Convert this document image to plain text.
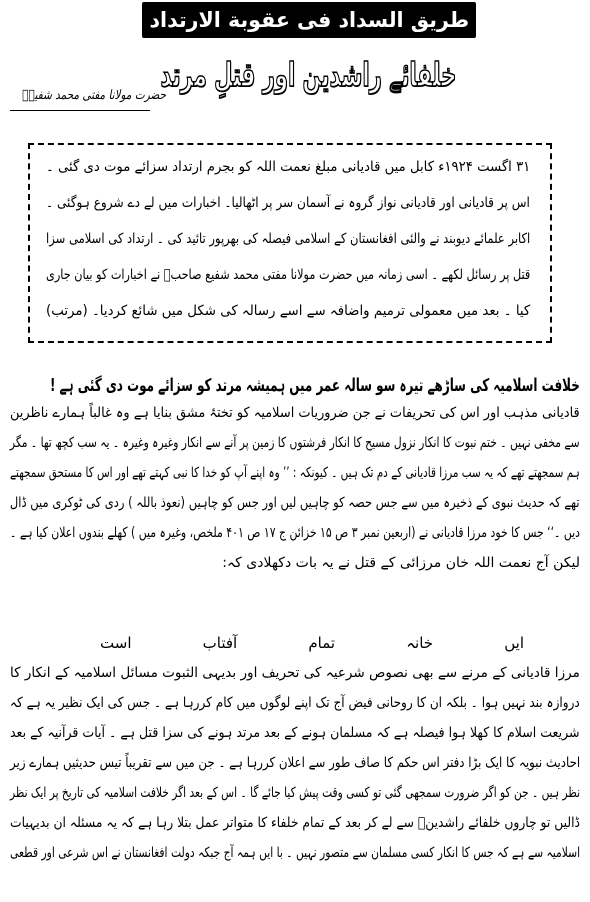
طریق السداد فی عقوبة الارتداد
خلفائے راشدین اور قتلِ مرتد
حضرت مولانا مفتی محمد شفیعؒ
۳۱ اگست ۱۹۲۴ء کابل میں قادیانی مبلغ نعمت اللہ کو بجرم ارتداد سزائے موت دی گئی ۔
اس پر قادیانی اور قادیانی نواز گروہ نے آسمان سر پر اٹھالیا۔ اخبارات میں لے دے شروع ہوگئی ۔
اکابر علمائے دیوبند نے والئی افغانستان کے اسلامی فیصلہ کی بھرپور تائید کی ۔ ارتداد کی اسلامی سزا
قتل پر رسائل لکھے ۔ اسی زمانہ میں حضرت مولانا مفتی محمد شفیع صاحبؒ نے اخبارات کو بیان جاری
کیا ۔ بعد میں معمولی ترمیم واضافہ سے اسے رسالہ کی شکل میں شائع کردیا۔ (مرتب)
خلافت اسلامیہ کی ساڑھے تیرہ سو سالہ عمر میں ہمیشہ مرتد کو سزائے موت دی گئی ہے !
قادیانی مذہب اور اس کی تحریفات نے جن ضروریات اسلامیہ کو تختۂ مشق بنایا ہے وہ غالباً ہمارے ناظرین
سے مخفی نہیں ۔ ختم نبوت کا انکار نزول مسیح کا انکار فرشتوں کا زمین پر آنے سے انکار وغیرہ وغیرہ ۔ یہ سب کچھ تھا ۔ مگر
ہم سمجھتے تھے کہ یہ سب مرزا قادیانی کے دم تک ہیں ۔ کیونکہ : ’’ وہ اپنے آپ کو خدا کا نبی کہتے تھے اور اس کا مستحق سمجھتے
تھے کہ حدیث نبوی کے ذخیرہ میں سے جس حصہ کو چاہیں لیں اور جس کو چاہیں (نعوذ باللہ ) ردی کی ٹوکری میں ڈال
دیں ۔‘‘ جس کا خود مرزا قادیانی نے (اربعین نمبر ۳ ص ۱۵ خزائن ج ۱۷ ص ۴۰۱ ملخص، وغیرہ میں ) کھلے بندوں اعلان کیا ہے ۔
لیکن آج نعمت اللہ خان مرزائی کے قتل نے یہ بات دکھلادی کہ:
ایں
خانہ
تمام
آفتاب
است
مرزا قادیانی کے مرنے سے بھی نصوص شرعیہ کی تحریف اور بدیہی الثبوت مسائل اسلامیہ کے انکار کا
دروازہ بند نہیں ہوا ۔ بلکہ ان کا روحانی فیض آج تک اپنے لوگوں میں کام کررہا ہے ۔ جس کی ایک نظیر یہ ہے کہ
شریعت اسلام کا کھلا ہوا فیصلہ ہے کہ مسلمان ہونے کے بعد مرتد ہونے کی سزا قتل ہے ۔ آیات قرآنیہ کے بعد
احادیث نبویہ کا ایک بڑا دفتر اس حکم کا صاف طور سے اعلان کررہا ہے ۔ جن میں سے تقریباً تیس حدیثیں ہمارے زیر
نظر ہیں ۔ جن کو اگر ضرورت سمجھی گئی تو کسی وقت پیش کیا جائے گا ۔ اس کے بعد اگر خلافت اسلامیہ کی تاریخ پر ایک نظر
ڈالیں تو چاروں خلفائے راشدینؓ سے لے کر بعد کے تمام خلفاء کا متواتر عمل بتلا رہا ہے کہ یہ مسئلہ ان بدیہیات
اسلامیہ سے ہے کہ جس کا انکار کسی مسلمان سے متصور نہیں ۔ با ایں ہمہ آج جبکہ دولت افغانستان نے اس شرعی اور قطعی
